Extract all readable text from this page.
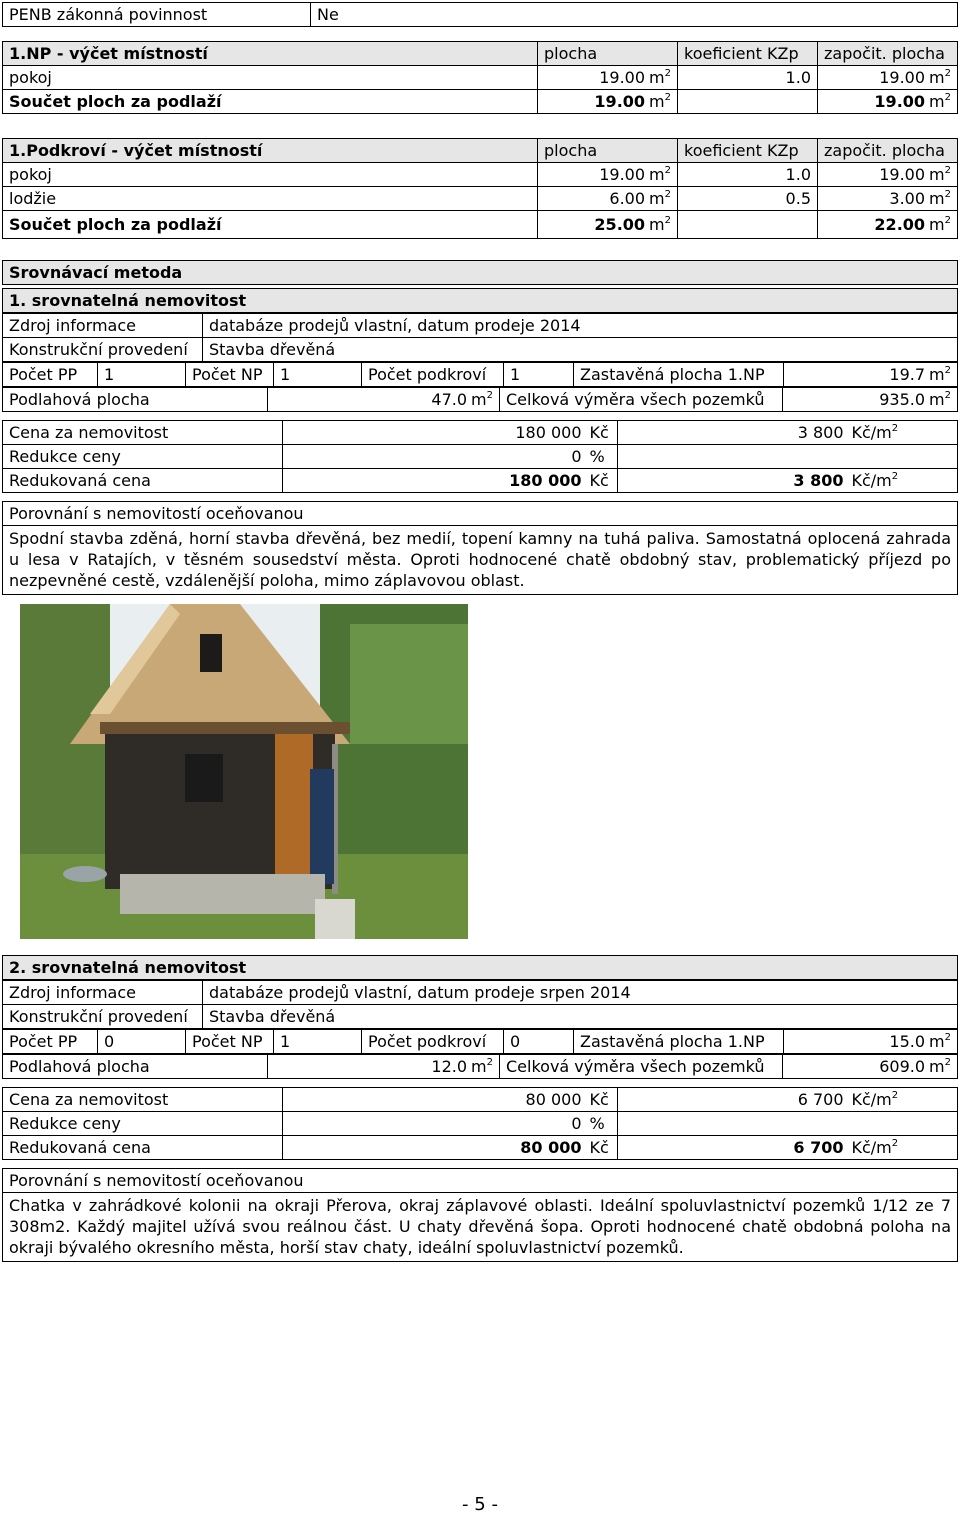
PENB zákonná povinnost	Ne
1.NP - výčet místností	plocha	koeficient KZp	započit. plocha
pokoj	19.00 $m^2$	1.0	19.00 $m^2$
Součet ploch za podlaží	19.00 $m^2$		19.00 $m^2$
1.Podkroví - výčet místností	plocha	koeficient KZp	započit. plocha
pokoj	19.00 $m^2$	1.0	19.00 $m^2$
lodžie	6.00 $m^2$	0.5	3.00 $m^2$
Součet ploch za podlaží	25.00 $m^2$		22.00 $m^2$
Srovnávací metoda
1. srovnatelná nemovitost
Zdroj informace	databáze prodejů vlastní, datum prodeje 2014
Konstrukční provedení	Stavba dřevěná
Počet PP	1	Počet NP	1	Počet podkroví	1	Zastavěná plocha 1.NP	19.7 $m^2$
Podlahová plocha	47.0 $m^2$	Celková výměra všech pozemků	935.0 $m^2$
Cena za nemovitost	180 000	Kč	3 800	$Kč/m^2$
Redukce ceny	0	%		
Redukovaná cena	180 000	Kč	3 800	$Kč/m^2$
Porovnání s nemovitostí oceňovanou
Spodní stavba zděná, horní stavba dřevěná, bez medií, topení kamny na tuhá paliva. Samostatná oplocená zahrada u lesa v Ratajích, v těsném sousedství města. Oproti hodnocené chatě obdobný stav, problematický příjezd po nezpevněné cestě, vzdálenější poloha, mimo záplavovou oblast.
2. srovnatelná nemovitost
Zdroj informace	databáze prodejů vlastní, datum prodeje srpen 2014
Konstrukční provedení	Stavba dřevěná
Počet PP	0	Počet NP	1	Počet podkroví	0	Zastavěná plocha 1.NP	15.0 $m^2$
Podlahová plocha	12.0 $m^2$	Celková výměra všech pozemků	609.0 $m^2$
Cena za nemovitost	80 000	Kč	6 700	$Kč/m^2$
Redukce ceny	0	%		
Redukovaná cena	80 000	Kč	6 700	$Kč/m^2$
Porovnání s nemovitostí oceňovanou
Chatka v zahrádkové kolonii na okraji Přerova, okraj záplavové oblasti. Ideální spoluvlastnictví pozemků 1/12 ze 7 308m2. Každý majitel užívá svou reálnou část. U chaty dřevěná šopa. Oproti hodnocené chatě obdobná poloha na okraji bývalého okresního města, horší stav chaty, ideální spoluvlastnictví pozemků.
- 5 -
